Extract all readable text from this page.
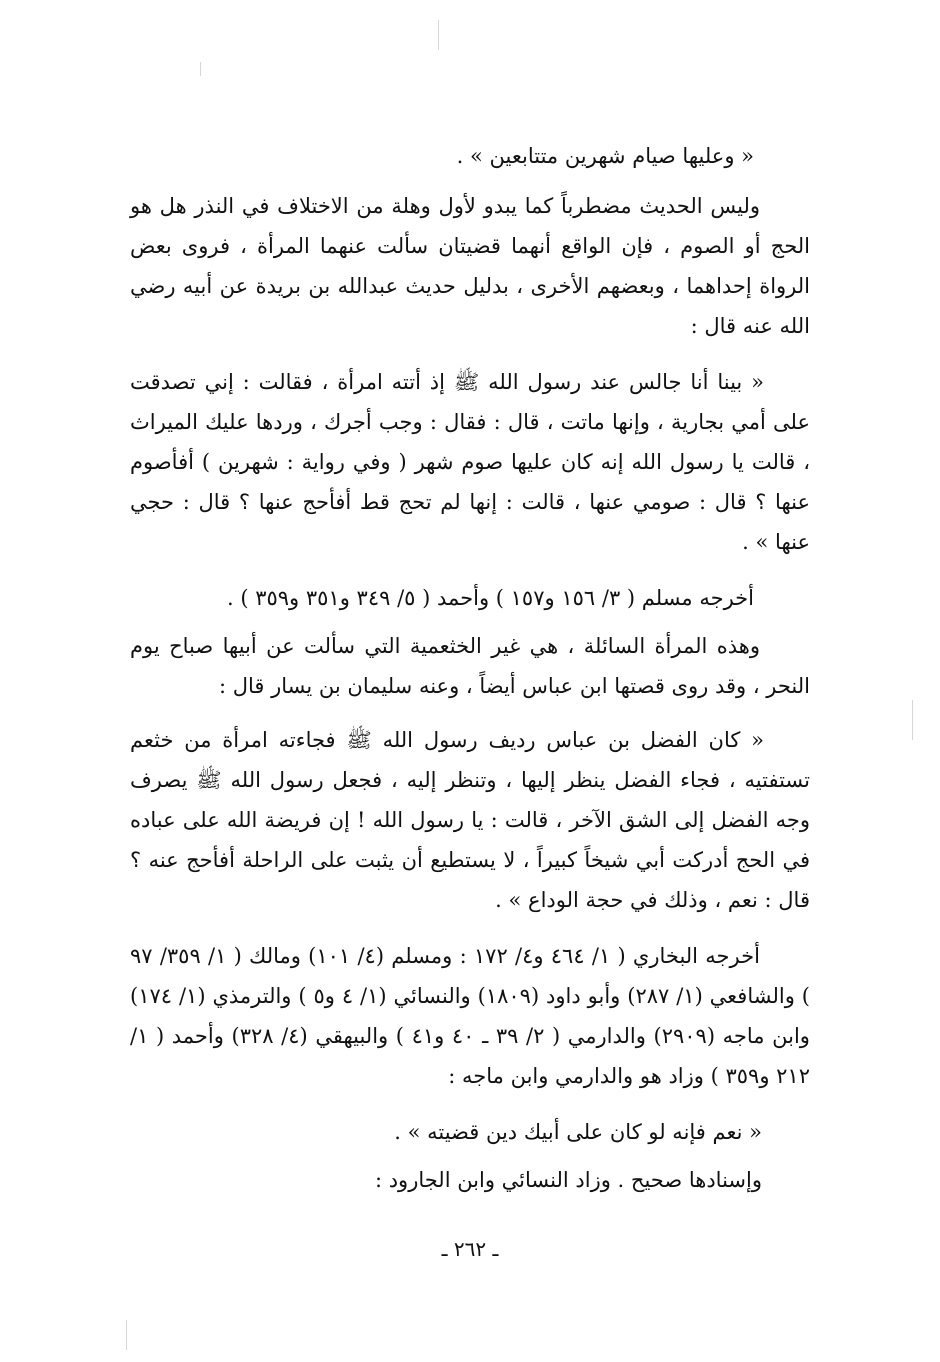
« وعليها صيام شهرين متتابعين » .

وليس الحديث مضطرباً كما يبدو لأول وهلة من الاختلاف في النذر هل هو الحج أو الصوم ، فإن الواقع أنهما قضيتان سألت عنهما المرأة ، فروى بعض الرواة إحداهما ، وبعضهم الأخرى ، بدليل حديث عبدالله بن بريدة عن أبيه رضي الله عنه قال :

« بينا أنا جالس عند رسول الله ﷺ إذ أتته امرأة ، فقالت : إني تصدقت على أمي بجارية ، وإنها ماتت ، قال : فقال : وجب أجرك ، وردها عليك الميراث ، قالت يا رسول الله إنه كان عليها صوم شهر ( وفي رواية : شهرين ) أفأصوم عنها ؟ قال : صومي عنها ، قالت : إنها لم تحج قط أفأحج عنها ؟ قال : حجي عنها » .

أخرجه مسلم ( ٣/ ١٥٦ و١٥٧ ) وأحمد ( ٥/ ٣٤٩ و٣٥١ و٣٥٩ ) .

وهذه المرأة السائلة ، هي غير الخثعمية التي سألت عن أبيها صباح يوم النحر ، وقد روى قصتها ابن عباس أيضاً ، وعنه سليمان بن يسار قال :

« كان الفضل بن عباس رديف رسول الله ﷺ فجاءته امرأة من خثعم تستفتيه ، فجاء الفضل ينظر إليها ، وتنظر إليه ، فجعل رسول الله ﷺ يصرف وجه الفضل إلى الشق الآخر ، قالت : يا رسول الله ! إن فريضة الله على عباده في الحج أدركت أبي شيخاً كبيراً ، لا يستطيع أن يثبت على الراحلة أفأحج عنه ؟ قال : نعم ، وذلك في حجة الوداع » .

أخرجه البخاري ( ١/ ٤٦٤ و٤/ ١٧٢ : ومسلم (٤/ ١٠١) ومالك ( ١/ ٣٥٩/ ٩٧ ) والشافعي (١/ ٢٨٧) وأبو داود (١٨٠٩) والنسائي (١/ ٤ و٥ ) والترمذي (١/ ١٧٤) وابن ماجه (٢٩٠٩) والدارمي ( ٢/ ٣٩ ـ ٤٠ و٤١ ) والبيهقي (٤/ ٣٢٨) وأحمد ( ١/ ٢١٢ و٣٥٩ ) وزاد هو والدارمي وابن ماجه :

« نعم فإنه لو كان على أبيك دين قضيته » .
وإسنادها صحيح . وزاد النسائي وابن الجارود :
ـ ٢٦٢ ـ
